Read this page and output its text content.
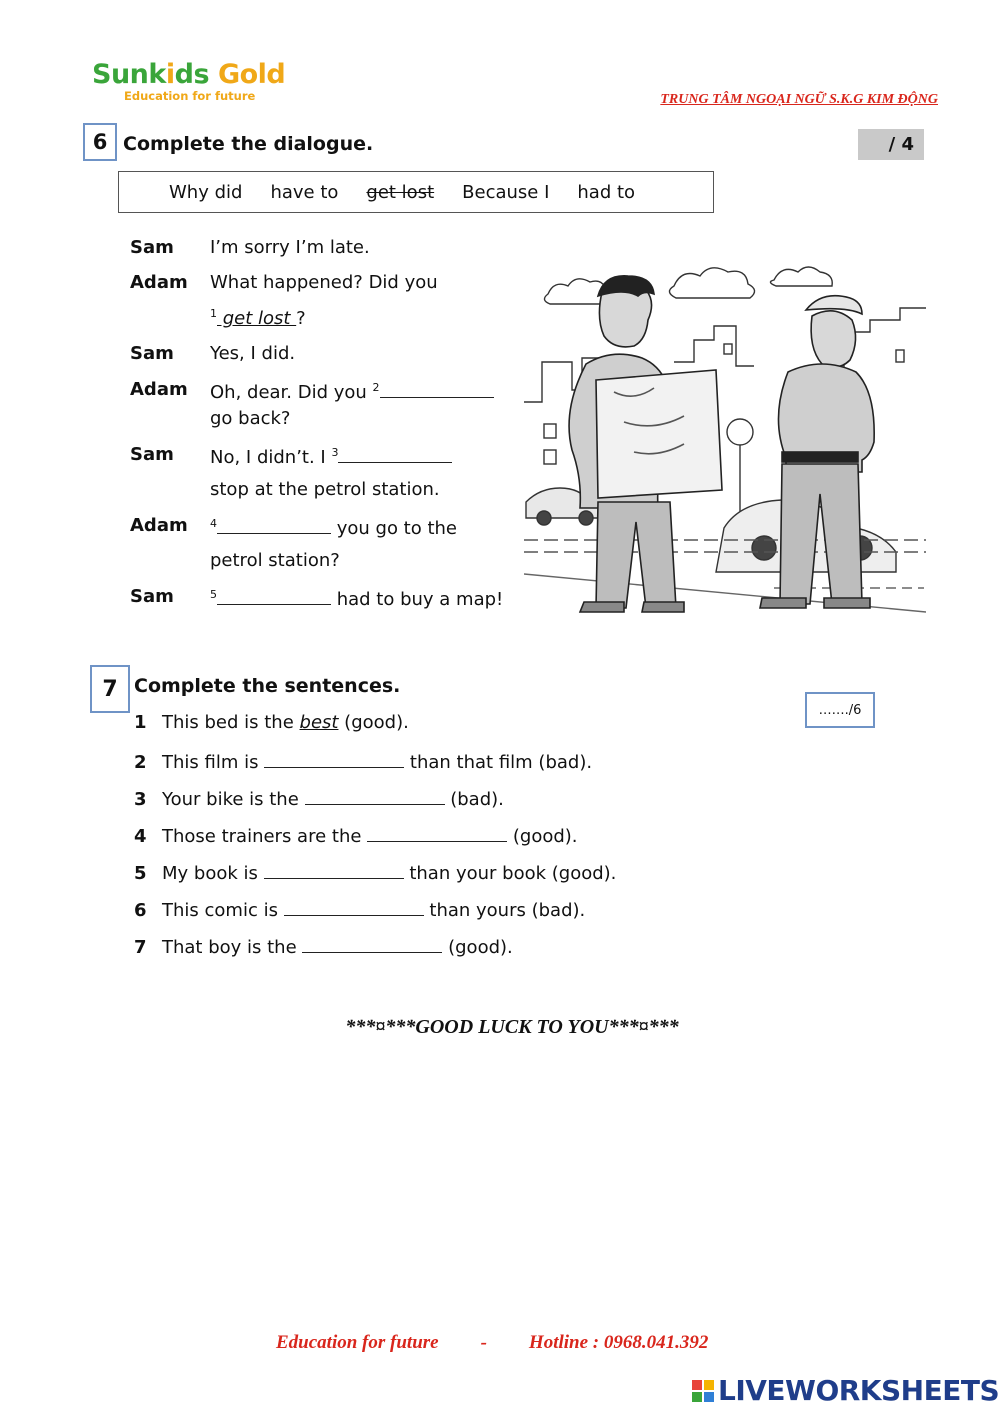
Sunkids Gold
Education for future	TRUNG TÂM NGOẠI NGỮ S.K.G KIM ĐỘNG
6 Complete the dialogue.	/ 4
Why did have to get lost Because I had to
Sam I’m sorry I’m late.
Adam What happened? Did you
$^1$ get lost ?
Sam Yes, I did.
Adam Oh, dear. Did you $^2$
go back?
Sam No, I didn’t. I $^3$
stop at the petrol station.
Adam $^4$	you go to the
petrol station?
Sam	$^5$	had to buy a map!
7 Complete the sentences.
……./6
1 This bed is the best (good).
2 This film is	than that film (bad).
3 Your bike is the	(bad).
4 Those trainers are the	(good).
5 My book is	than your book (good).
6 This comic is	than yours (bad).
7 That boy is the	(good).
***¤***GOOD LUCK TO YOU***¤***
Education for future - Hotline : 0968.041.392
LIVEWORKSHEETS
